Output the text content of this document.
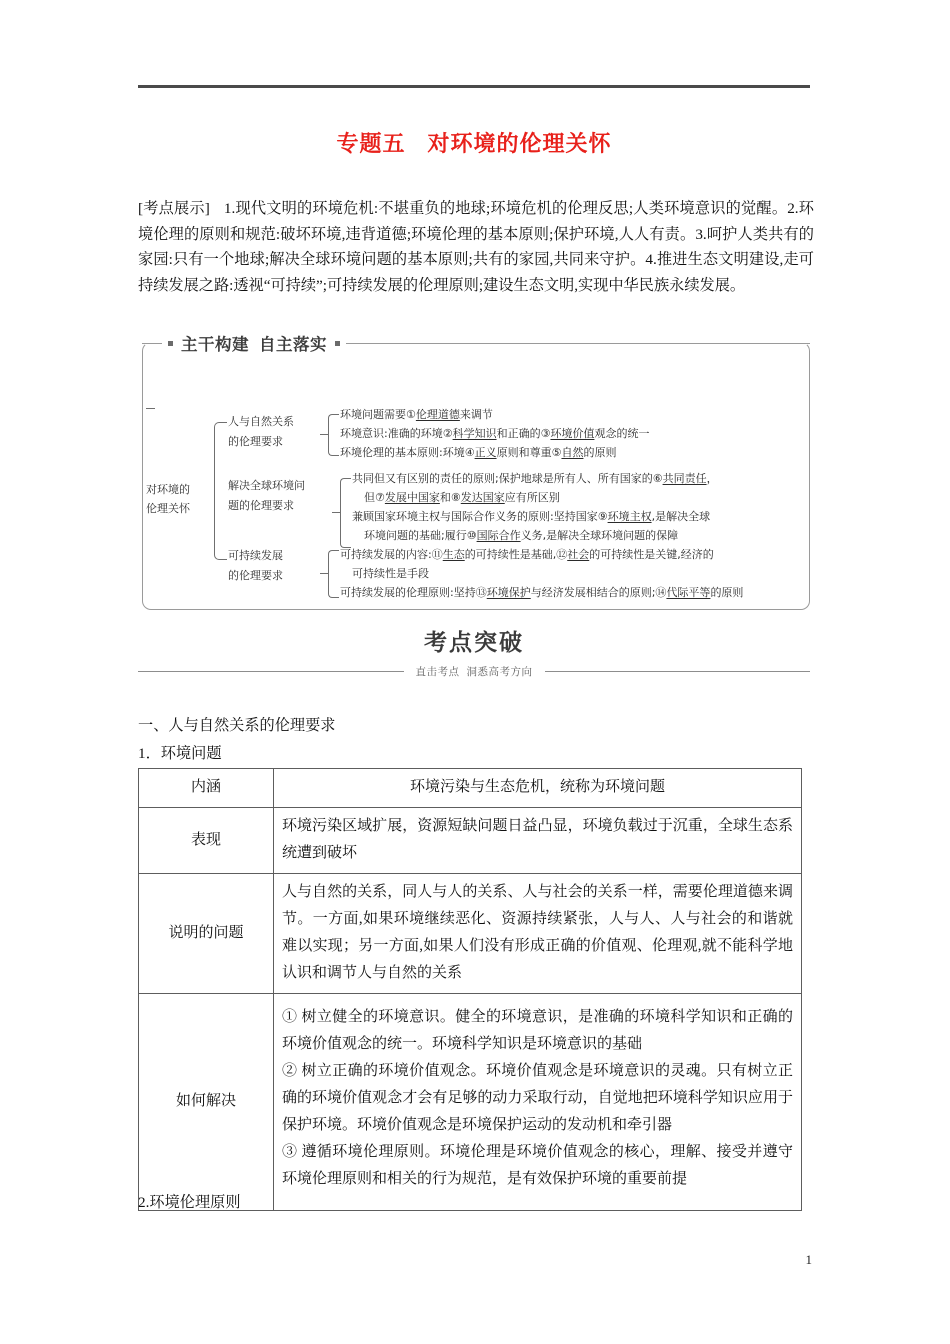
专题五 对环境的伦理关怀
[考点展示] 1.现代文明的环境危机:不堪重负的地球;环境危机的伦理反思;人类环境意识的觉醒。2.环境伦理的原则和规范:破坏环境,违背道德;环境伦理的基本原则;保护环境,人人有责。3.呵护人类共有的家园:只有一个地球;解决全球环境问题的基本原则;共有的家园,共同来守护。4.推进生态文明建设,走可持续发展之路:透视“可持续”;可持续发展的伦理原则;建设生态文明,实现中华民族永续发展。
主干构建 自主落实
对环境的
伦理关怀
人与自然关系
的伦理要求
解决全球环境问
题的伦理要求
可持续发展
的伦理要求
环境问题需要①伦理道德来调节
环境意识:准确的环境②科学知识和正确的③环境价值观念的统一
环境伦理的基本原则:环境④正义原则和尊重⑤自然的原则
共同但又有区别的责任的原则;保护地球是所有人、所有国家的⑥共同责任，
但⑦发展中国家和⑧发达国家应有所区别
兼顾国家环境主权与国际合作义务的原则:坚持国家⑨环境主权,是解决全球
环境问题的基础;履行⑩国际合作义务,是解决全球环境问题的保障
可持续发展的内容:⑪生态的可持续性是基础,⑫社会的可持续性是关键,经济的
可持续性是手段
可持续发展的伦理原则:坚持⑬环境保护与经济发展相结合的原则;⑭代际平等的原则
考点突破
直击考点 洞悉高考方向
一、人与自然关系的伦理要求
1．环境问题
内涵	环境污染与生态危机，统称为环境问题
表现	环境污染区域扩展，资源短缺问题日益凸显，环境负载过于沉重，全球生态系统遭到破坏
说明的问题	人与自然的关系，同人与人的关系、人与社会的关系一样，需要伦理道德来调节。一方面,如果环境继续恶化、资源持续紧张，人与人、人与社会的和谐就难以实现；另一方面,如果人们没有形成正确的价值观、伦理观,就不能科学地认识和调节人与自然的关系
如何解决	① 树立健全的环境意识。健全的环境意识，是准确的环境科学知识和正确的环境价值观念的统一。环境科学知识是环境意识的基础
② 树立正确的环境价值观念。环境价值观念是环境意识的灵魂。只有树立正确的环境价值观念才会有足够的动力采取行动，自觉地把环境科学知识应用于保护环境。环境价值观念是环境保护运动的发动机和牵引器
③ 遵循环境伦理原则。环境伦理是环境价值观念的核心，理解、接受并遵守环境伦理原则和相关的行为规范，是有效保护环境的重要前提
2.环境伦理原则
1
